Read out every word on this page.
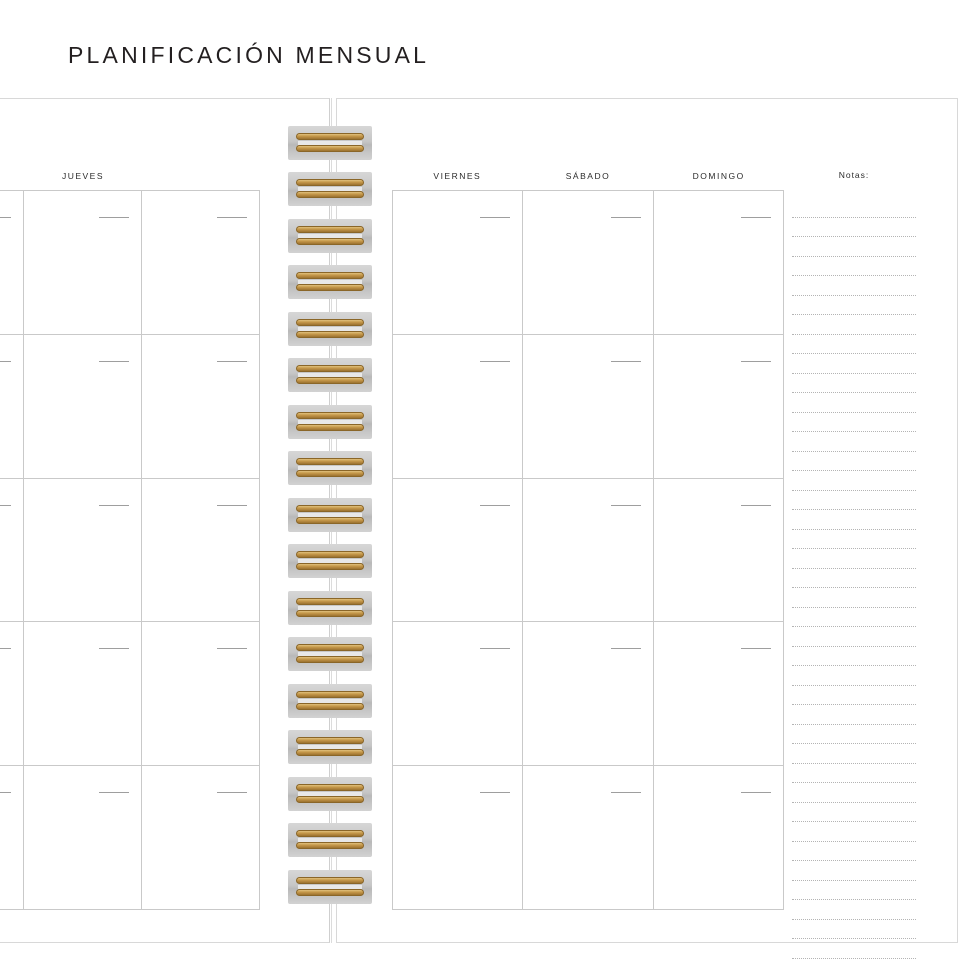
PLANIFICACIÓN MENSUAL
JUEVES	VIERNES	SÁBADO	DOMINGO	Notas:
